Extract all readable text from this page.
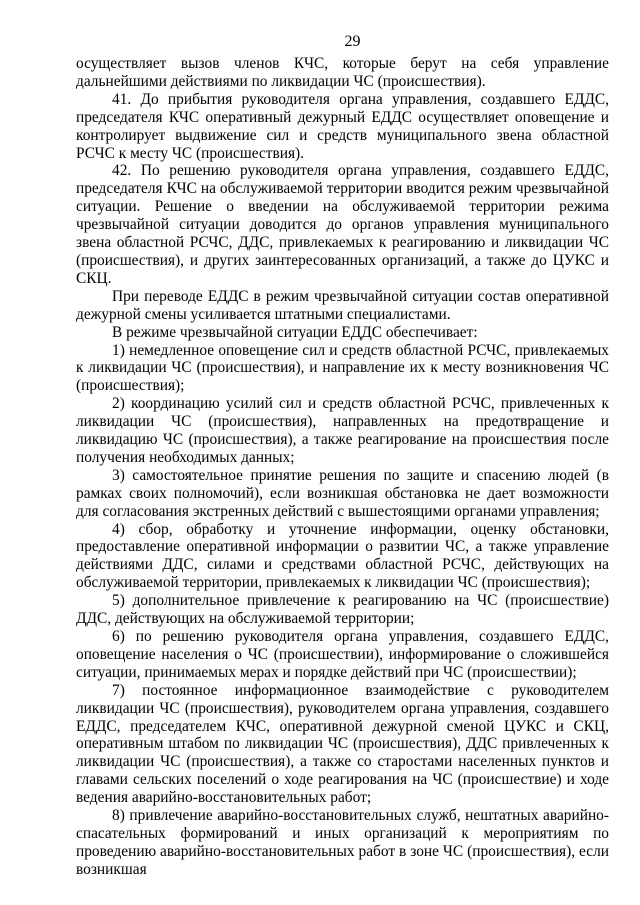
29

осуществляет вызов членов КЧС, которые берут на себя управление дальнейшими действиями по ликвидации ЧС (происшествия).

41. До прибытия руководителя органа управления, создавшего ЕДДС, председателя КЧС оперативный дежурный ЕДДС осуществляет оповещение и контролирует выдвижение сил и средств муниципального звена областной РСЧС к месту ЧС (происшествия).

42. По решению руководителя органа управления, создавшего ЕДДС, председателя КЧС на обслуживаемой территории вводится режим чрезвычайной ситуации. Решение о введении на обслуживаемой территории режима чрезвычайной ситуации доводится до органов управления муниципального звена областной РСЧС, ДДС, привлекаемых к реагированию и ликвидации ЧС (происшествия), и других заинтересованных организаций, а также до ЦУКС и СКЦ.

При переводе ЕДДС в режим чрезвычайной ситуации состав оперативной дежурной смены усиливается штатными специалистами.

В режиме чрезвычайной ситуации ЕДДС обеспечивает:

1) немедленное оповещение сил и средств областной РСЧС, привлекаемых к ликвидации ЧС (происшествия), и направление их к месту возникновения ЧС (происшествия);

2) координацию усилий сил и средств областной РСЧС, привлеченных к ликвидации ЧС (происшествия), направленных на предотвращение и ликвидацию ЧС (происшествия), а также реагирование на происшествия после получения необходимых данных;

3) самостоятельное принятие решения по защите и спасению людей (в рамках своих полномочий), если возникшая обстановка не дает возможности для согласования экстренных действий с вышестоящими органами управления;

4) сбор, обработку и уточнение информации, оценку обстановки, предоставление оперативной информации о развитии ЧС, а также управление действиями ДДС, силами и средствами областной РСЧС, действующих на обслуживаемой территории, привлекаемых к ликвидации ЧС (происшествия);

5) дополнительное привлечение к реагированию на ЧС (происшествие) ДДС, действующих на обслуживаемой территории;

6) по решению руководителя органа управления, создавшего ЕДДС, оповещение населения о ЧС (происшествии), информирование о сложившейся ситуации, принимаемых мерах и порядке действий при ЧС (происшествии);

7) постоянное информационное взаимодействие с руководителем ликвидации ЧС (происшествия), руководителем органа управления, создавшего ЕДДС, председателем КЧС, оперативной дежурной сменой ЦУКС и СКЦ, оперативным штабом по ликвидации ЧС (происшествия), ДДС привлеченных к ликвидации ЧС (происшествия), а также со старостами населенных пунктов и главами сельских поселений о ходе реагирования на ЧС (происшествие) и ходе ведения аварийно-восстановительных работ;

8) привлечение аварийно-восстановительных служб, нештатных аварийно-спасательных формирований и иных организаций к мероприятиям по проведению аварийно-восстановительных работ в зоне ЧС (происшествия), если возникшая
